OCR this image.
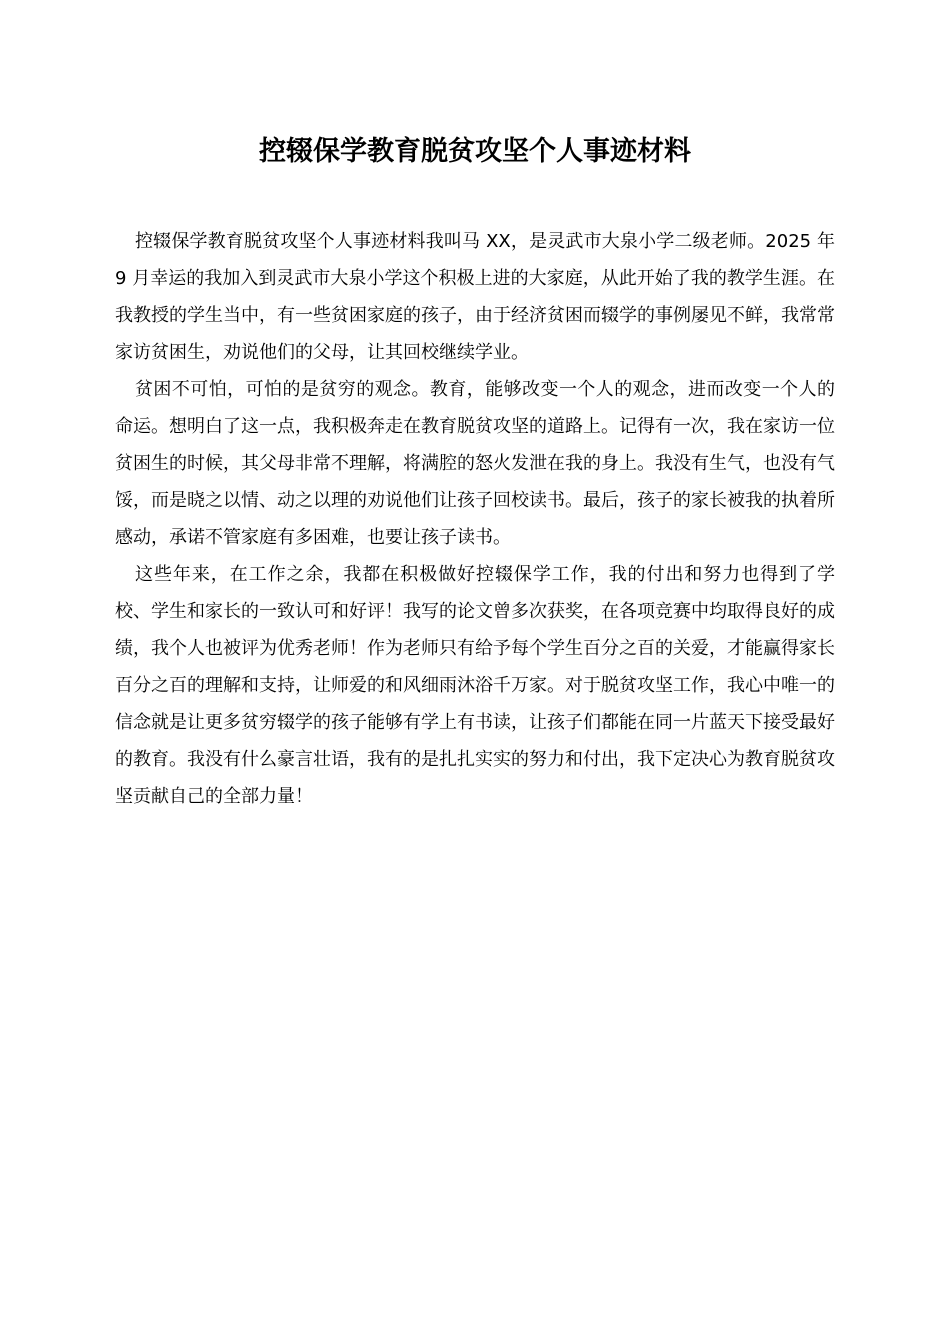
控辍保学教育脱贫攻坚个人事迹材料

控辍保学教育脱贫攻坚个人事迹材料我叫马 XX，是灵武市大泉小学二级老师。2025 年 9 月幸运的我加入到灵武市大泉小学这个积极上进的大家庭，从此开始了我的教学生涯。在我教授的学生当中，有一些贫困家庭的孩子，由于经济贫困而辍学的事例屡见不鲜，我常常家访贫困生，劝说他们的父母，让其回校继续学业。

贫困不可怕，可怕的是贫穷的观念。教育，能够改变一个人的观念，进而改变一个人的命运。想明白了这一点，我积极奔走在教育脱贫攻坚的道路上。记得有一次，我在家访一位贫困生的时候，其父母非常不理解，将满腔的怒火发泄在我的身上。我没有生气，也没有气馁，而是晓之以情、动之以理的劝说他们让孩子回校读书。最后，孩子的家长被我的执着所感动，承诺不管家庭有多困难，也要让孩子读书。

这些年来，在工作之余，我都在积极做好控辍保学工作，我的付出和努力也得到了学校、学生和家长的一致认可和好评！我写的论文曾多次获奖，在各项竞赛中均取得良好的成绩，我个人也被评为优秀老师！作为老师只有给予每个学生百分之百的关爱，才能赢得家长百分之百的理解和支持，让师爱的和风细雨沐浴千万家。对于脱贫攻坚工作，我心中唯一的信念就是让更多贫穷辍学的孩子能够有学上有书读，让孩子们都能在同一片蓝天下接受最好的教育。我没有什么豪言壮语，我有的是扎扎实实的努力和付出，我下定决心为教育脱贫攻坚贡献自己的全部力量！
